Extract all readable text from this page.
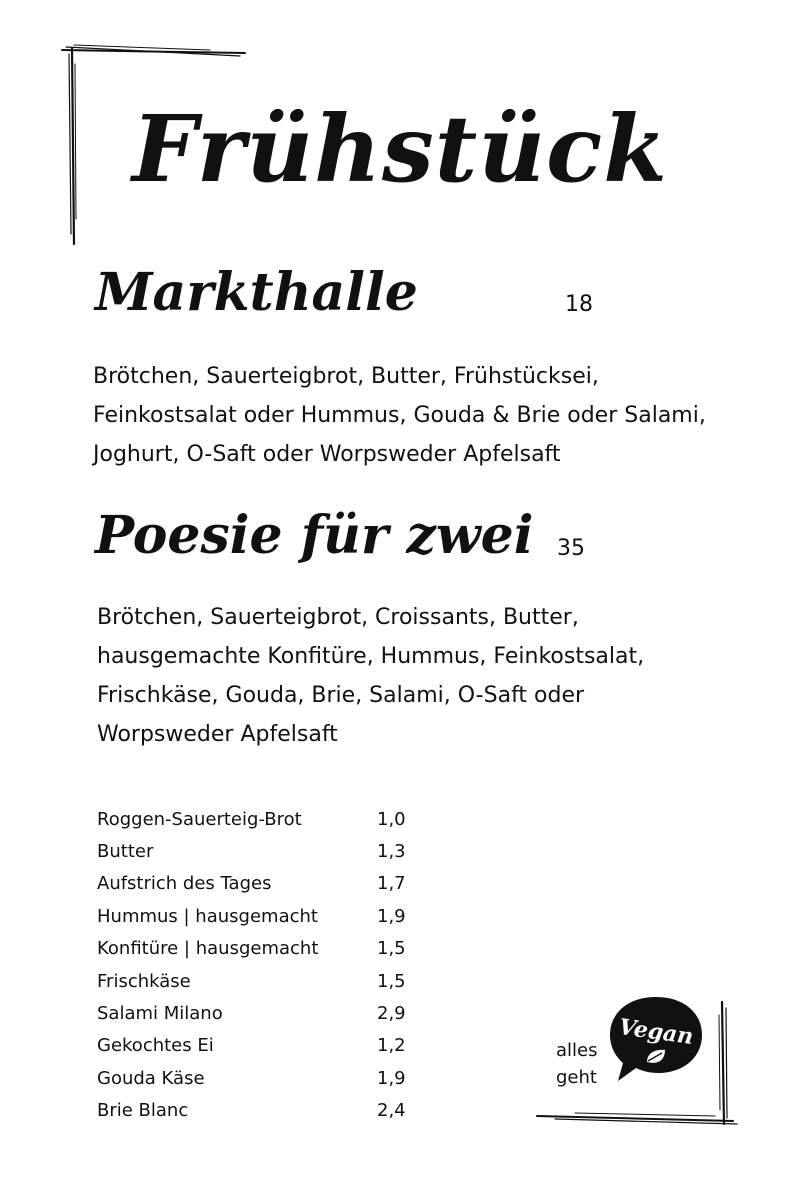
Frühstück
Markthalle	18
Brötchen, Sauerteigbrot, Butter, Frühstücksei,
Feinkostsalat oder Hummus, Gouda & Brie oder Salami,
Joghurt, O-Saft oder Worpsweder Apfelsaft
Poesie für zwei 35
Brötchen, Sauerteigbrot, Croissants, Butter,
hausgemachte Konfitüre, Hummus, Feinkostsalat,
Frischkäse, Gouda, Brie, Salami, O-Saft oder
Worpsweder Apfelsaft
Roggen-Sauerteig-Brot	1,0
Butter	1,3
Aufstrich des Tages	1,7
Hummus | hausgemacht	1,9
Konfitüre | hausgemacht	1,5
Frischkäse	1,5
Salami Milano	2,9
Gekochtes Ei	1,2
Gouda Käse	1,9
Brie Blanc	2,4
alles
geht
Vegan
